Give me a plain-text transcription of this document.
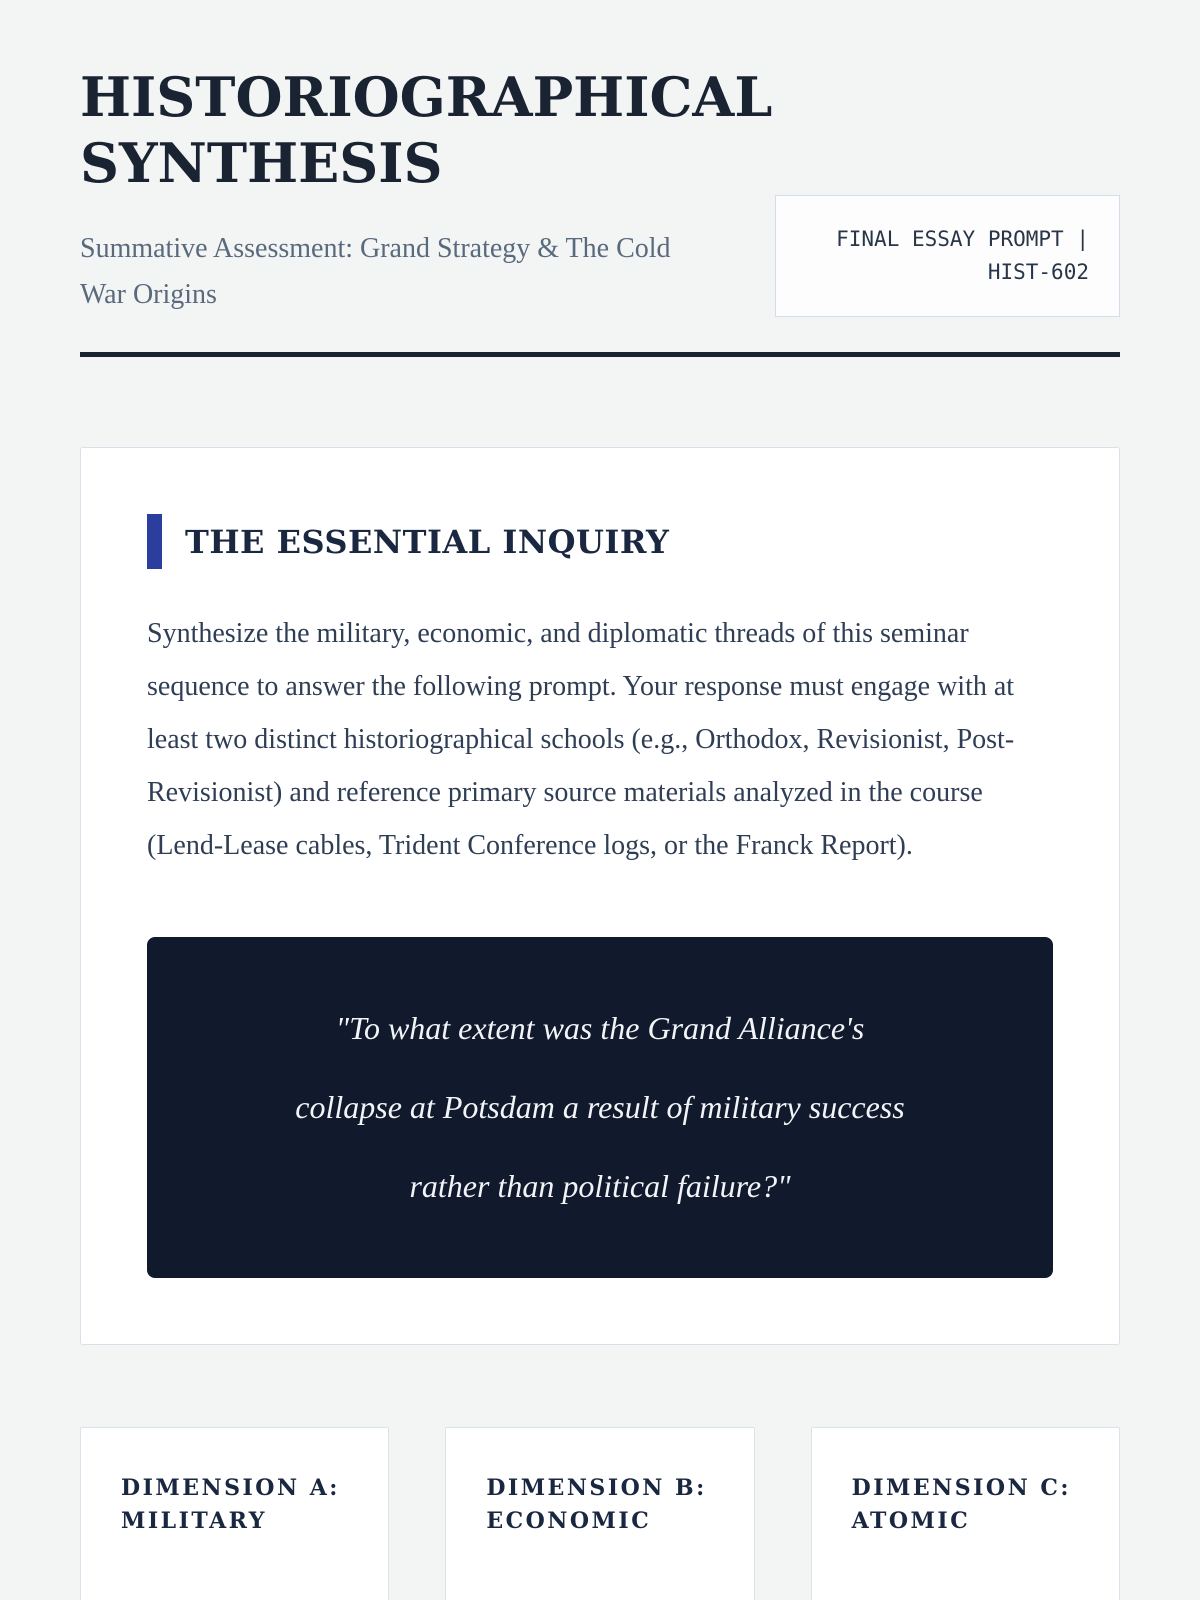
HISTORIOGRAPHICAL SYNTHESIS

Summative Assessment: Grand Strategy & The Cold War Origins

FINAL ESSAY PROMPT |
HIST-602
THE ESSENTIAL INQUIRY

Synthesize the military, economic, and diplomatic threads of this seminar sequence to answer the following prompt. Your response must engage with at least two distinct historiographical schools (e.g., Orthodox, Revisionist, Post-Revisionist) and reference primary source materials analyzed in the course (Lend-Lease cables, Trident Conference logs, or the Franck Report).

"To what extent was the Grand Alliance's
collapse at Potsdam a result of military success
rather than political failure?"
DIMENSION A: MILITARY
DIMENSION B: ECONOMIC
DIMENSION C: ATOMIC
